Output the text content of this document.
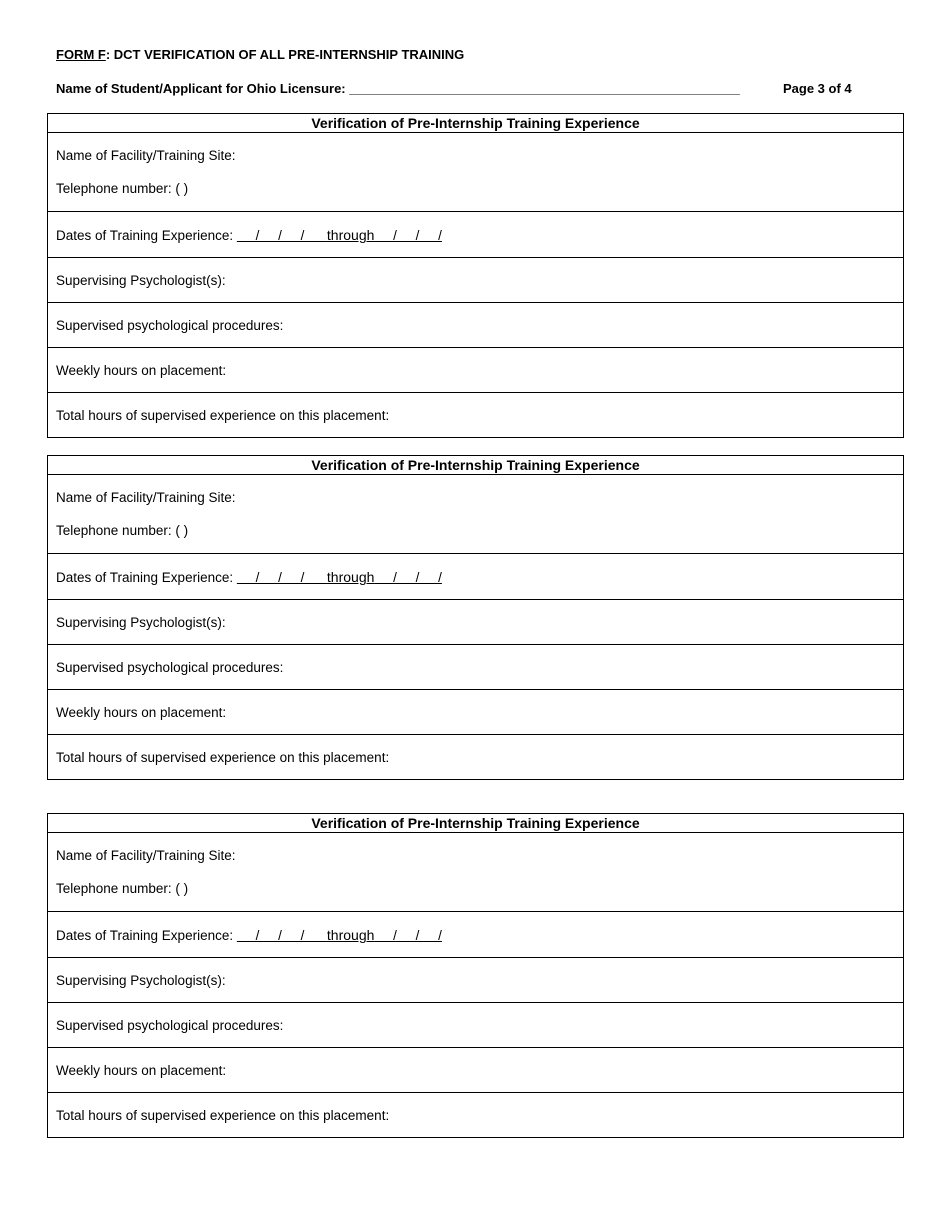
FORM F: DCT VERIFICATION OF ALL PRE-INTERNSHIP TRAINING
Name of Student/Applicant for Ohio Licensure: ______________________________________________________	Page 3 of 4
Verification of Pre-Internship Training Experience
Name of Facility/Training Site:
Telephone number: ( )
Dates of Training Experience:      /     /     /      through     /     /     /
Supervising Psychologist(s):
Supervised psychological procedures:
Weekly hours on placement:
Total hours of supervised experience on this placement:
Verification of Pre-Internship Training Experience
Name of Facility/Training Site:
Telephone number: ( )
Dates of Training Experience:      /     /     /      through     /     /     /
Supervising Psychologist(s):
Supervised psychological procedures:
Weekly hours on placement:
Total hours of supervised experience on this placement:
Verification of Pre-Internship Training Experience
Name of Facility/Training Site:
Telephone number: ( )
Dates of Training Experience:      /     /     /      through     /     /     /
Supervising Psychologist(s):
Supervised psychological procedures:
Weekly hours on placement:
Total hours of supervised experience on this placement:
